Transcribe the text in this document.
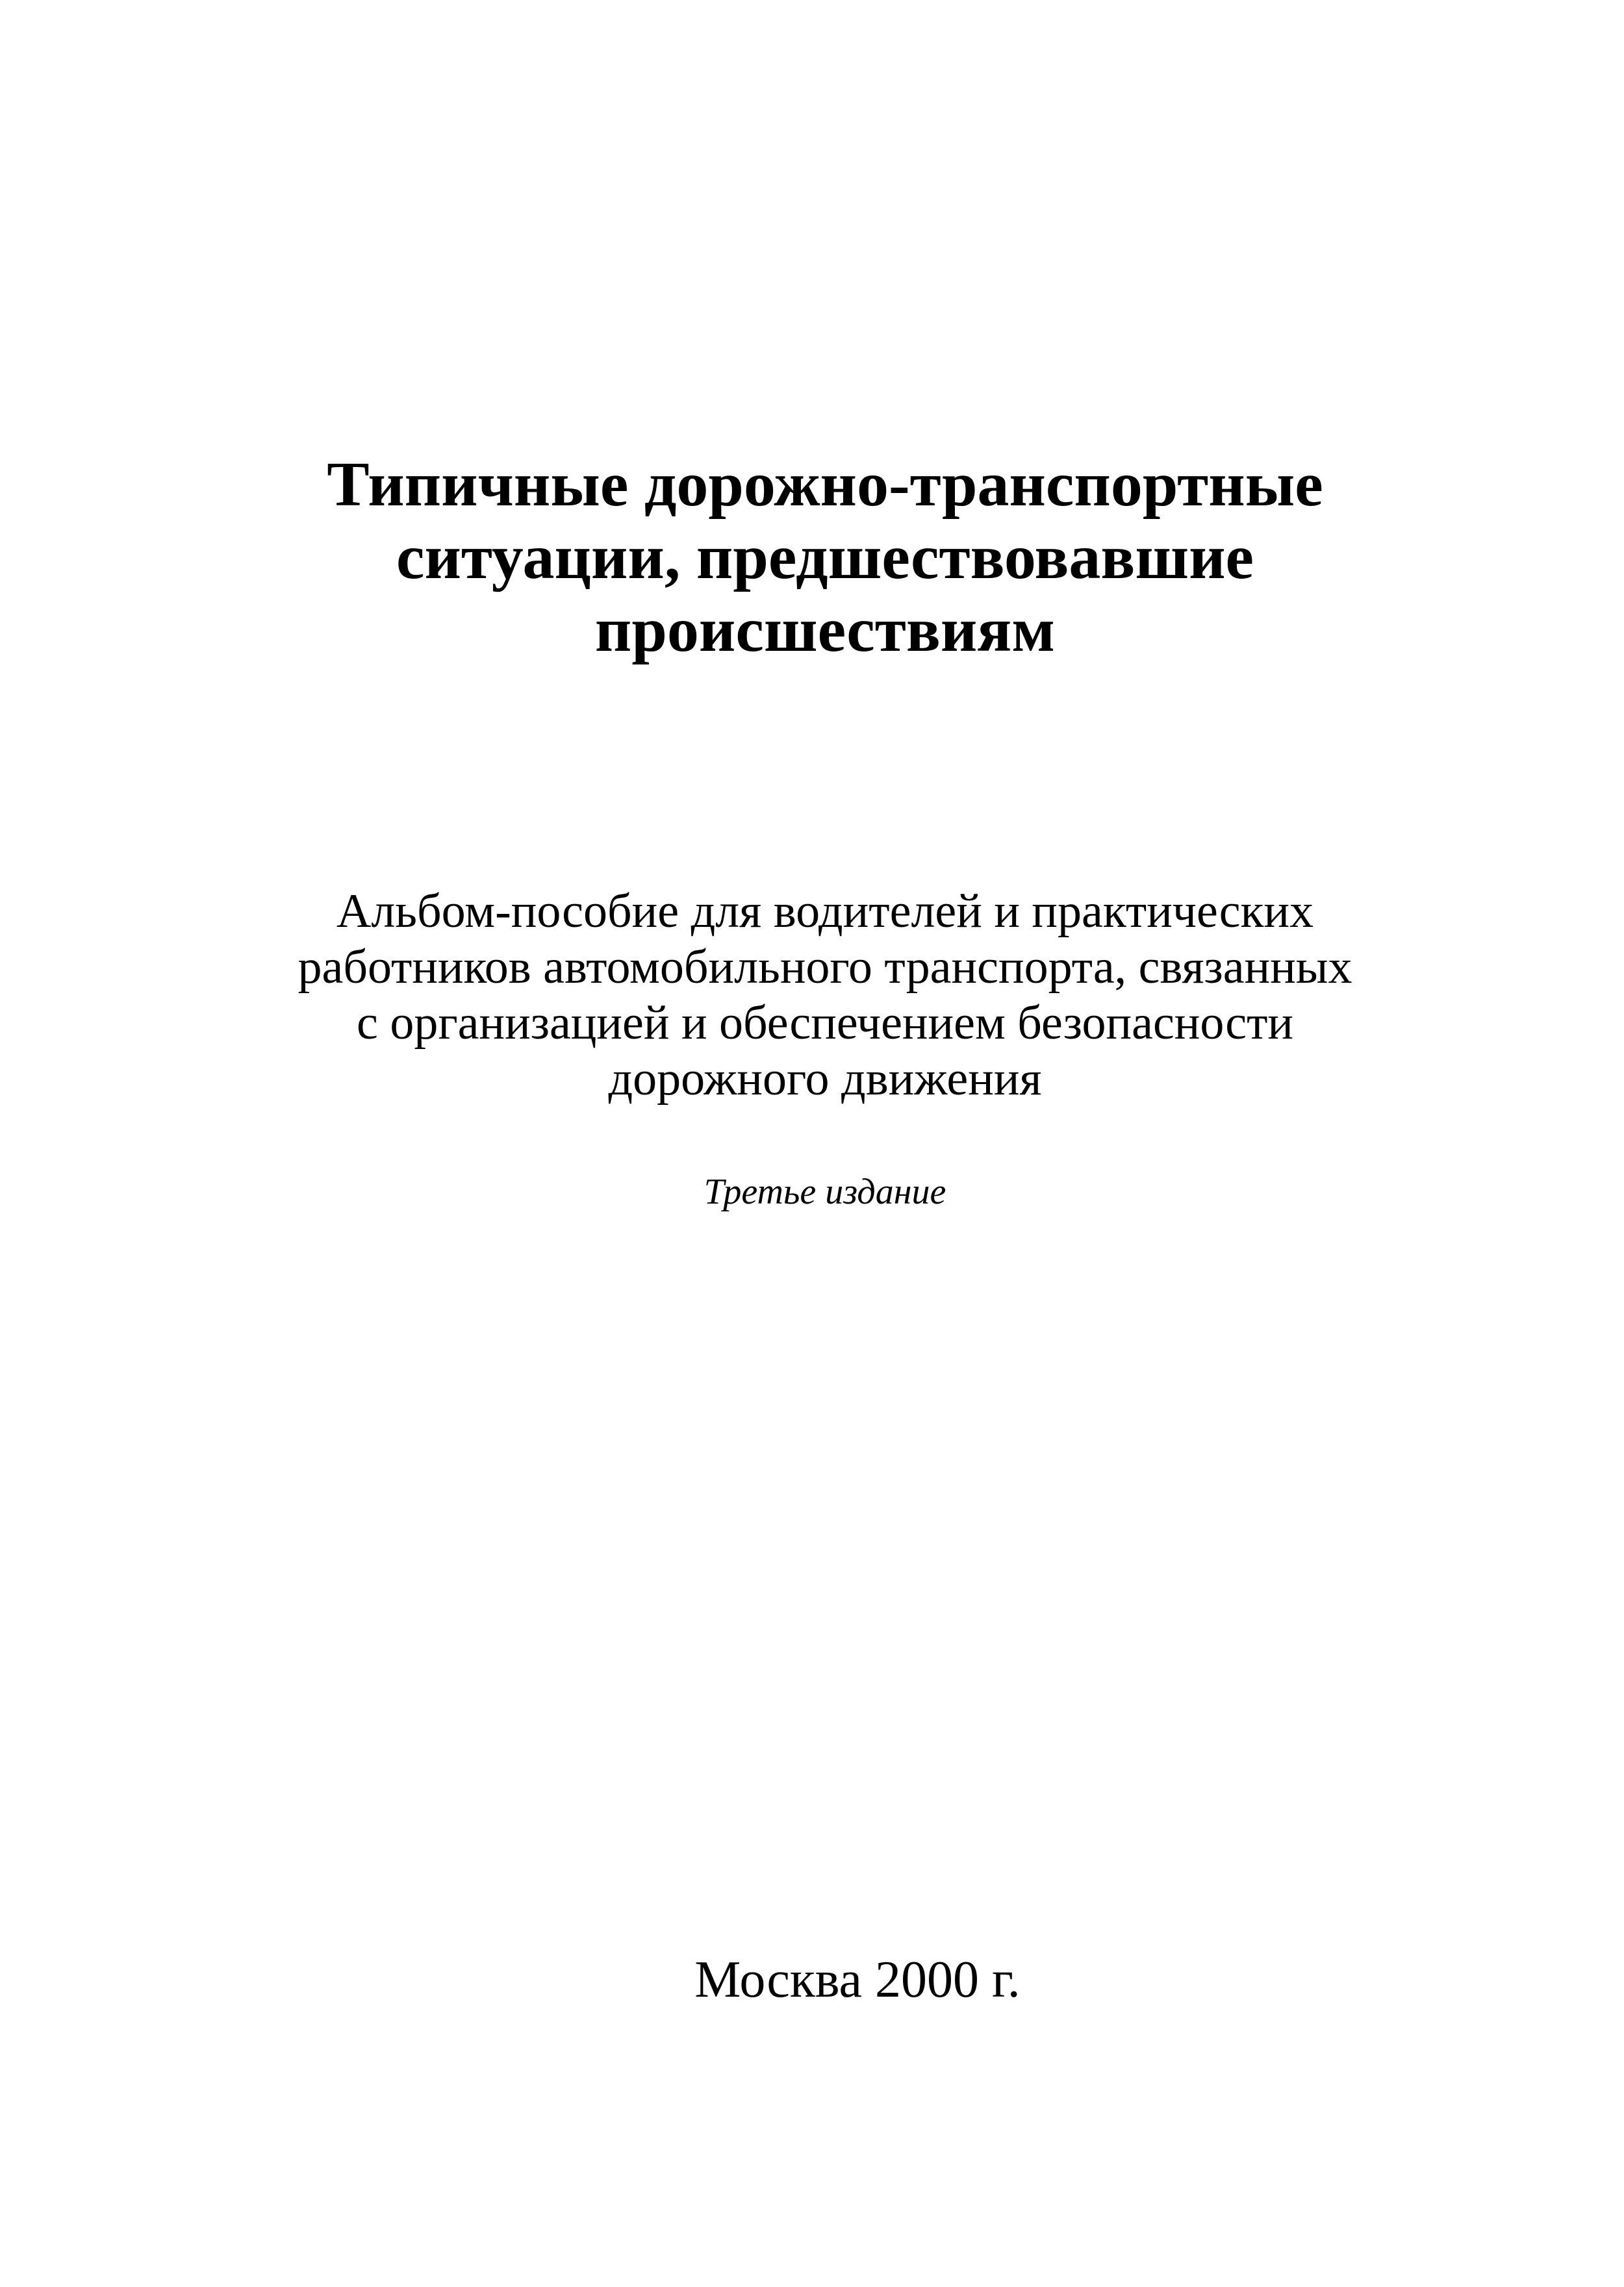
Типичные дорожно-транспортные
ситуации, предшествовавшие
происшествиям

Альбом-пособие для водителей и практических
работников автомобильного транспорта, связанных
с организацией и обеспечением безопасности
дорожного движения

Третье издание
Москва 2000 г.
